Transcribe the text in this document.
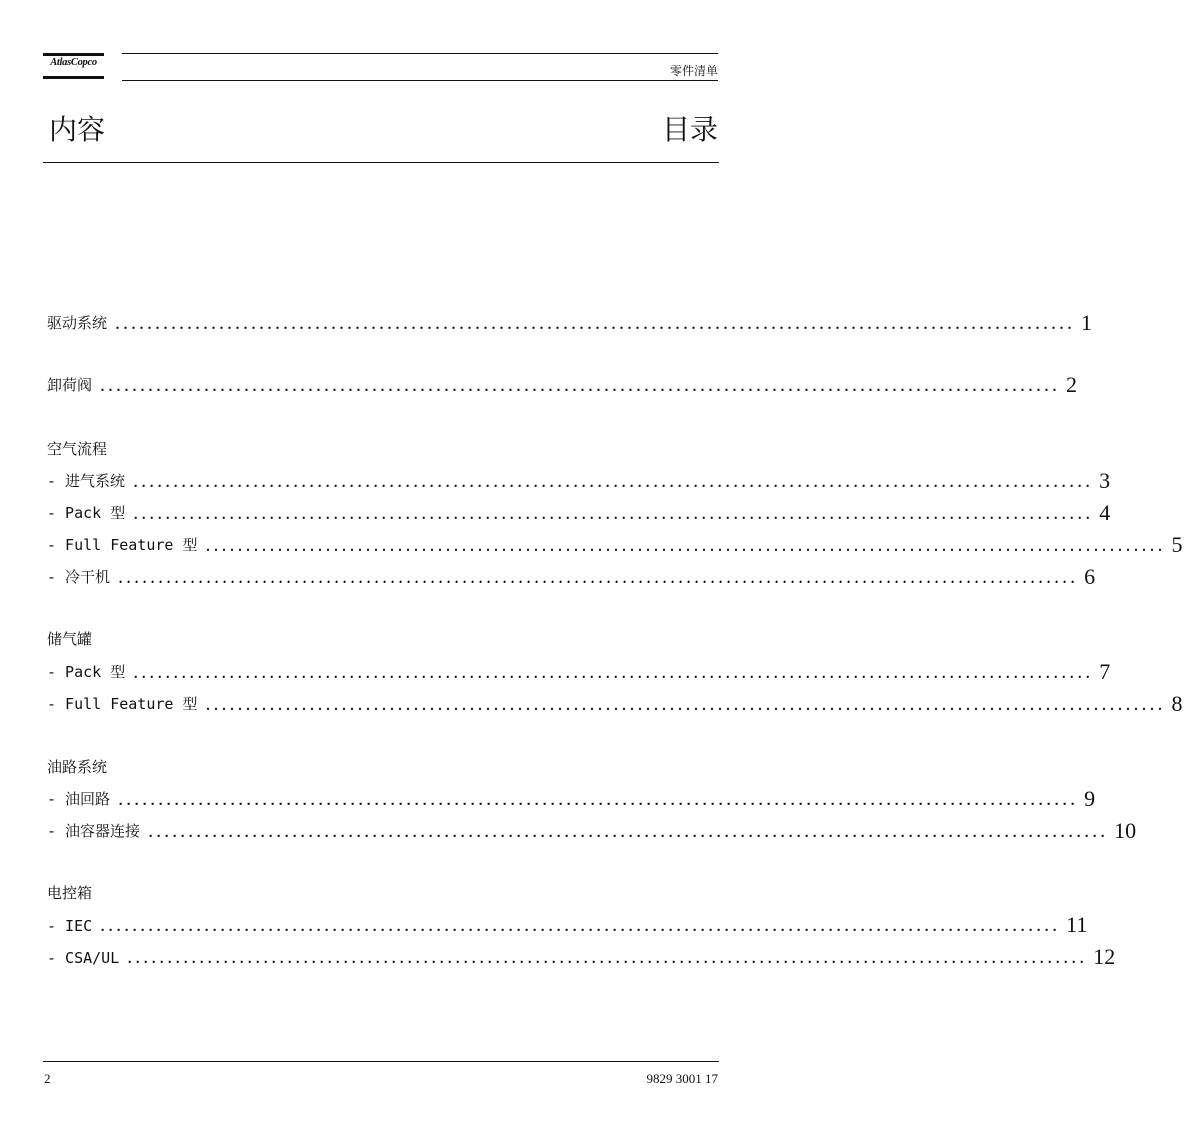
AtlasCopco
零件清单
内容	目录
驱动系统 ........................................................................................................................ 1
卸荷阀 ........................................................................................................................ 2
空气流程
- 进气系统 ........................................................................................................................ 3
- Pack 型 ........................................................................................................................ 4
- Full Feature 型 ........................................................................................................................ 5
- 冷干机 ........................................................................................................................ 6
储气罐
- Pack 型 ........................................................................................................................ 7
- Full Feature 型 ........................................................................................................................ 8
油路系统
- 油回路 ........................................................................................................................ 9
- 油容器连接 ........................................................................................................................ 10
电控箱
- IEC ........................................................................................................................ 11
- CSA/UL ........................................................................................................................ 12
2	9829 3001 17
